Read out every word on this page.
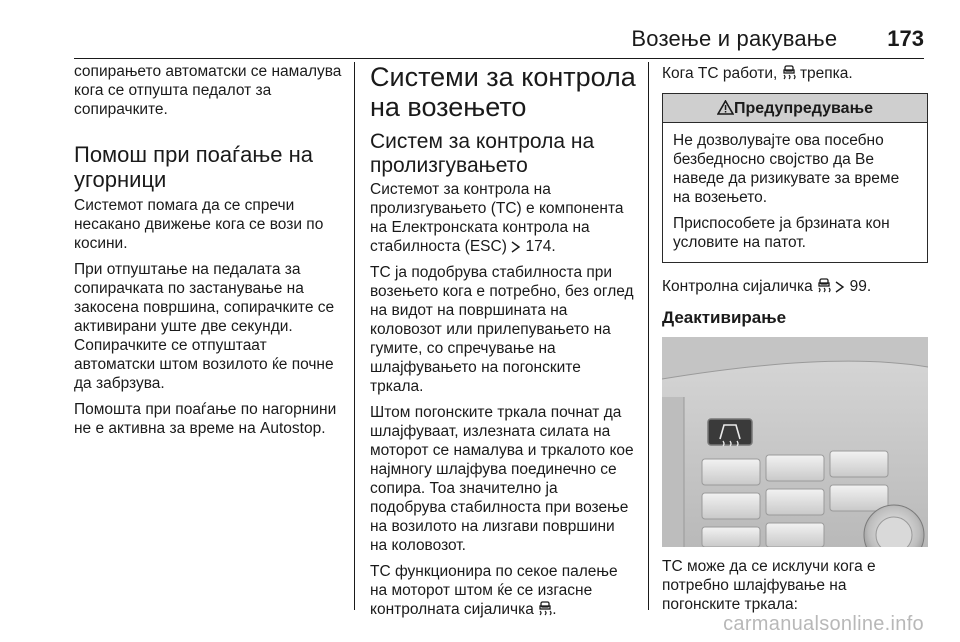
Возење и ракување 173

сопирањето автоматски се намалува кога се отпушта педалот за сопирачките.

Помош при поаѓање на угорници

Системот помага да се спречи несакано движење кога се вози по косини.

При отпуштање на педалата за сопирачката по застанување на закосена површина, сопирачките се активирани уште две секунди. Сопирачките се отпуштаат автоматски штом возилото ќе почне да забрзува.

Помошта при поаѓање по нагорнини не е активна за време на Autostop.

Системи за контрола на возењето
Систем за контрола на пролизгувањето

Системот за контрола на пролизгувањето (TC) е компонента на Електронската контрола на стабилноста (ESC) 174.

TC ја подобрува стабилноста при возењето кога е потребно, без оглед на видот на површината на коловозот или прилепувањето на гумите, со спречување на шлајфувањето на погонските тркала.

Штом погонските тркала почнат да шлајфуваат, излезната силата на моторот се намалува и тркалото кое најмногу шлајфува поединечно се сопира. Тоа значително ја подобрува стабилноста при возење на возилото на лизгави површини на коловозот.

TC функционира по секое палење на моторот штом ќе се изгасне контролната сијаличка .

Кога TC работи, трепка.

Предупредување

Не дозволувајте ова посебно безбедносно својство да Ве наведе да ризикувате за време на возењето.

Приспособете ја брзината кон условите на патот.

Контролна сијаличка 99.

Деактивирање

TC може да се исклучи кога е потребно шлајфување на погонските тркала:

carmanualsonline.info
